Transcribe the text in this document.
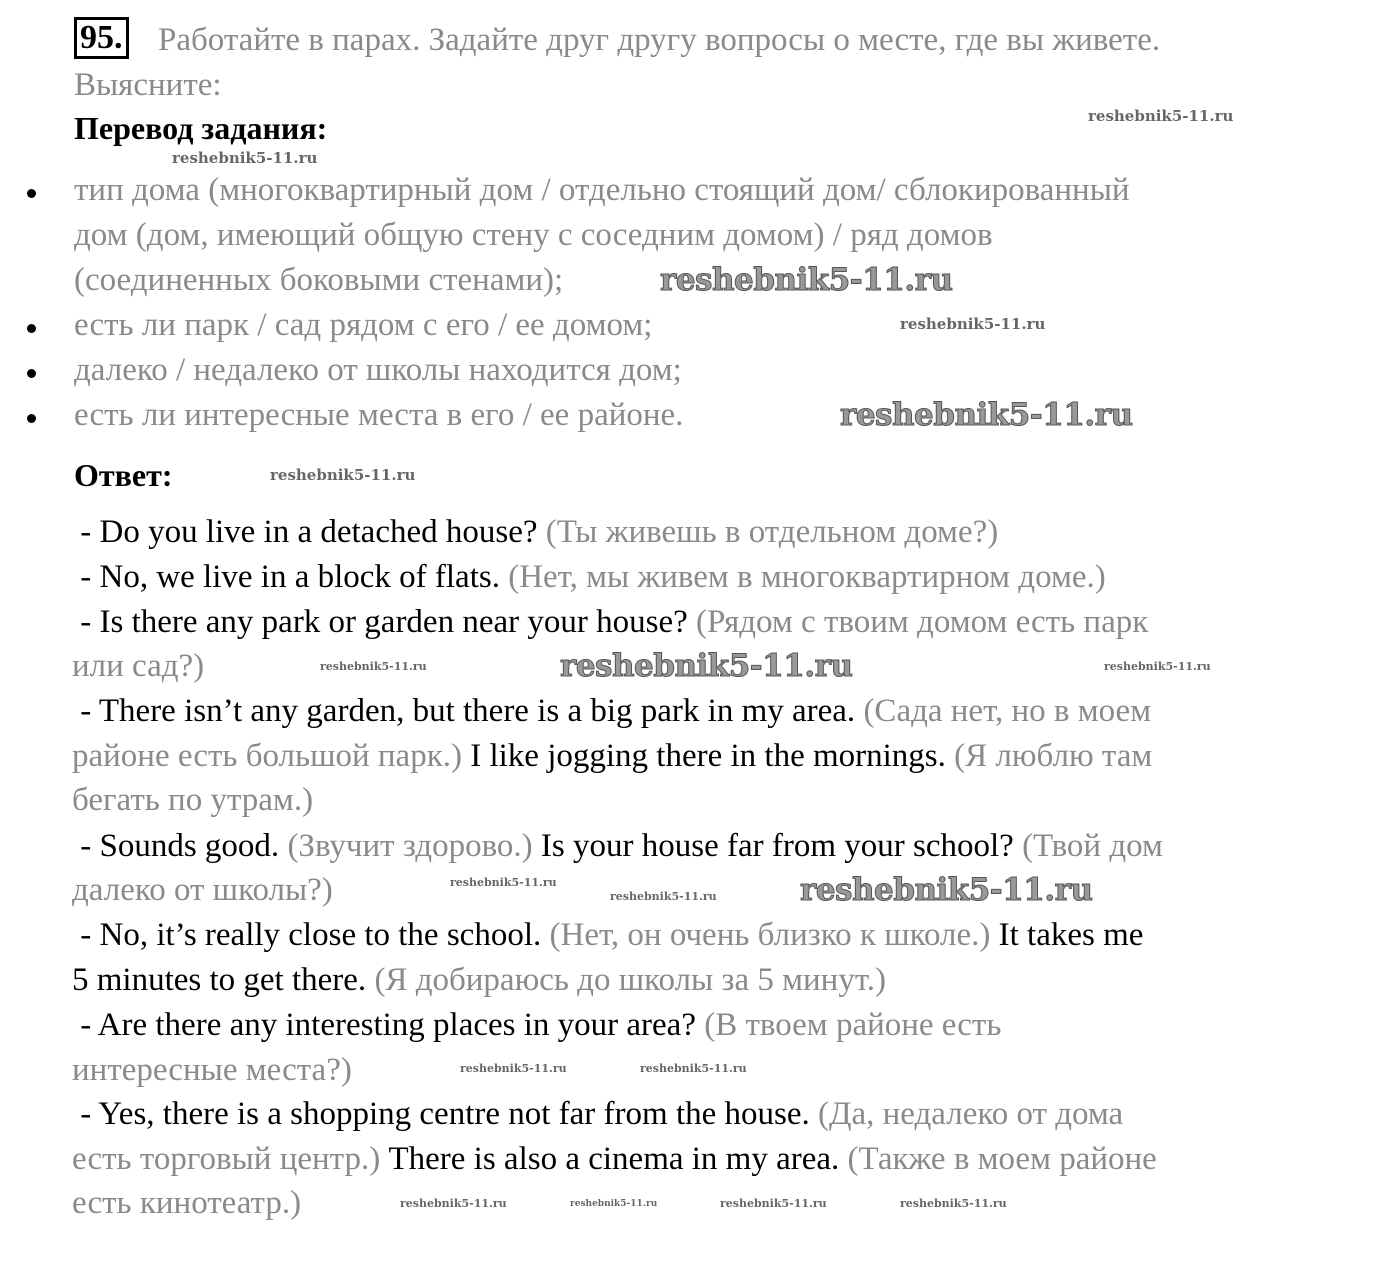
95. Работайте в парах. Задайте друг другу вопросы о месте, где вы живете.
Выясните:
Перевод задания:
тип дома (многоквартирный дом / отдельно стоящий дом/ сблокированный
дом (дом, имеющий общую стену с соседним домом) / ряд домов
(соединенных боковыми стенами);
есть ли парк / сад рядом с его / ее домом;
далеко / недалеко от школы находится дом;
есть ли интересные места в его / ее районе.
Ответ:
- Do you live in a detached house? (Ты живешь в отдельном доме?)
- No, we live in a block of flats. (Нет, мы живем в многоквартирном доме.)
- Is there any park or garden near your house? (Рядом с твоим домом есть парк
или сад?)
- There isn’t any garden, but there is a big park in my area. (Сада нет, но в моем
районе есть большой парк.) I like jogging there in the mornings. (Я люблю там
бегать по утрам.)
- Sounds good. (Звучит здорово.) Is your house far from your school? (Твой дом
далеко от школы?)
- No, it’s really close to the school. (Нет, он очень близко к школе.) It takes me
5 minutes to get there. (Я добираюсь до школы за 5 минут.)
- Are there any interesting places in your area? (В твоем районе есть
интересные места?)
- Yes, there is a shopping centre not far from the house. (Да, недалеко от дома
есть торговый центр.) There is also a cinema in my area. (Также в моем районе
есть кинотеатр.)
reshebnik5-11.ru
reshebnik5-11.ru
reshebnik5-11.ru
reshebnik5-11.ru
reshebnik5-11.ru
reshebnik5-11.ru
reshebnik5-11.ru	reshebnik5-11.ru
reshebnik5-11.ru
reshebnik5-11.ru
reshebnik5-11.ru	reshebnik5-11.ru
reshebnik5-11.ru	reshebnik5-11.ru
reshebnik5-11.ru	reshebnik5-11.ru	reshebnik5-11.ru	reshebnik5-11.ru
